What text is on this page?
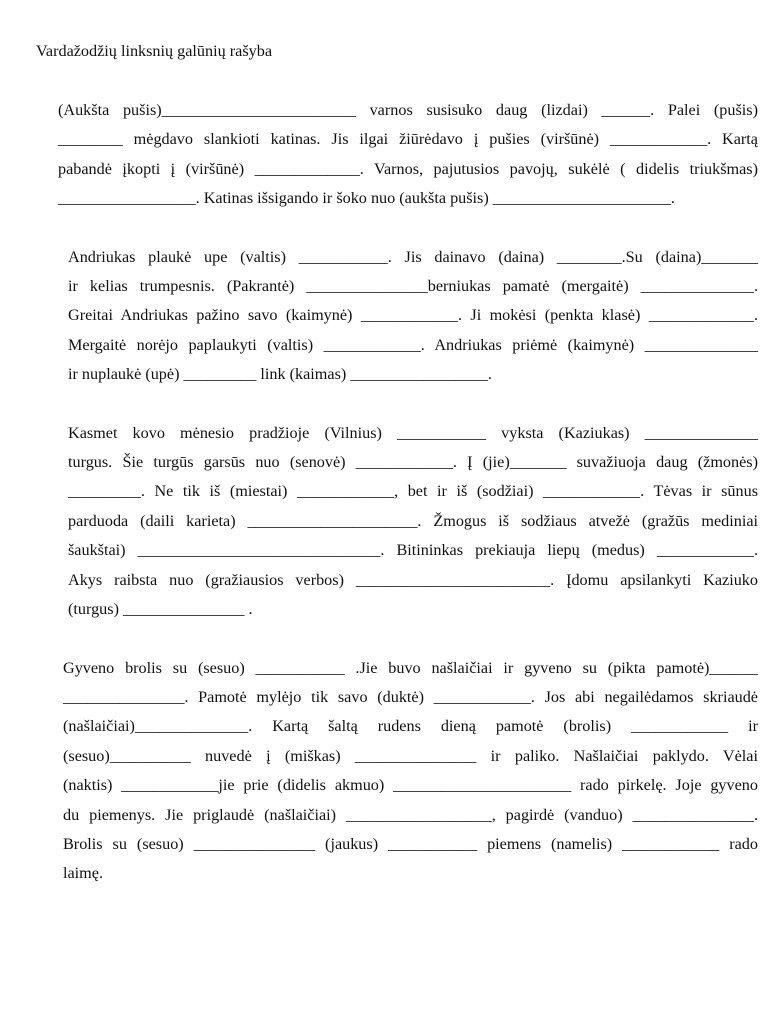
Vardažodžių linksnių galūnių rašyba
(Aukšta pušis)________________________ varnos susisuko daug (lizdai) ______. Palei (pušis)
________ mėgdavo slankioti katinas. Jis ilgai žiūrėdavo į pušies (viršūnė) ____________. Kartą
pabandė įkopti į (viršūnė) _____________. Varnos, pajutusios pavojų, sukėlė ( didelis triukšmas)
_________________. Katinas išsigando ir šoko nuo (aukšta pušis) ______________________.
Andriukas plaukė upe (valtis) ___________. Jis dainavo (daina) ________.Su (daina)_______
ir kelias trumpesnis. (Pakrantė) _______________berniukas pamatė (mergaitė) ______________.
Greitai Andriukas pažino savo (kaimynė) ____________. Ji mokėsi (penkta klasė) _____________.
Mergaitė norėjo paplaukyti (valtis) ____________. Andriukas priėmė (kaimynė) ______________
ir nuplaukė (upė) _________ link (kaimas) _________________.
Kasmet kovo mėnesio pradžioje (Vilnius) ___________ vyksta (Kaziukas) ______________
turgus. Šie turgūs garsūs nuo (senovė) ____________. Į (jie)_______ suvažiuoja daug (žmonės)
_________. Ne tik iš (miestai) ____________, bet ir iš (sodžiai) ____________. Tėvas ir sūnus
parduoda (daili karieta) _____________________. Žmogus iš sodžiaus atvežė (gražūs mediniai
šaukštai) ______________________________. Bitininkas prekiauja liepų (medus) ____________.
Akys raibsta nuo (gražiausios verbos) ________________________. Įdomu apsilankyti Kaziuko
(turgus) _______________ .
Gyveno brolis su (sesuo) ___________ .Jie buvo našlaičiai ir gyveno su (pikta pamotė)______
_______________. Pamotė mylėjo tik savo (duktė) ____________. Jos abi negailėdamos skriaudė
(našlaičiai)______________. Kartą šaltą rudens dieną pamotė (brolis) ____________ ir
(sesuo)__________ nuvedė į (miškas) _______________ ir paliko. Našlaičiai paklydo. Vėlai
(naktis) ____________jie prie (didelis akmuo) ______________________ rado pirkelę. Joje gyveno
du piemenys. Jie priglaudė (našlaičiai) __________________, pagirdė (vanduo) _______________.
Brolis su (sesuo) _______________ (jaukus) ___________ piemens (namelis) ____________ rado
laimę.
